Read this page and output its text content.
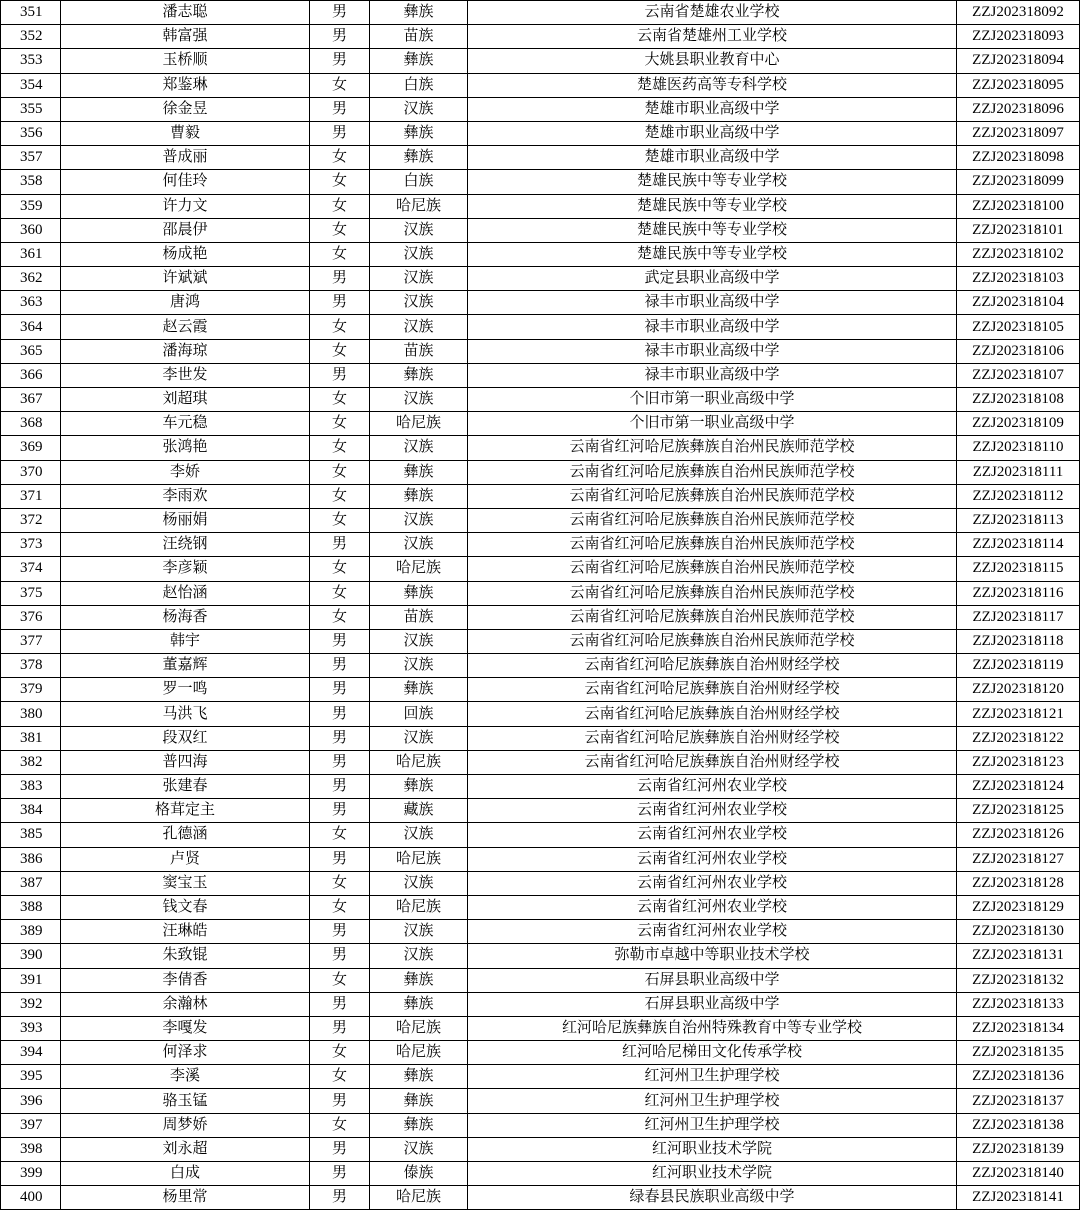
351	潘志聪	男	彝族	云南省楚雄农业学校	ZZJ202318092
352	韩富强	男	苗族	云南省楚雄州工业学校	ZZJ202318093
353	玉桥顺	男	彝族	大姚县职业教育中心	ZZJ202318094
354	郑鉴琳	女	白族	楚雄医药高等专科学校	ZZJ202318095
355	徐金昱	男	汉族	楚雄市职业高级中学	ZZJ202318096
356	曹毅	男	彝族	楚雄市职业高级中学	ZZJ202318097
357	普成丽	女	彝族	楚雄市职业高级中学	ZZJ202318098
358	何佳玲	女	白族	楚雄民族中等专业学校	ZZJ202318099
359	许力文	女	哈尼族	楚雄民族中等专业学校	ZZJ202318100
360	邵晨伊	女	汉族	楚雄民族中等专业学校	ZZJ202318101
361	杨成艳	女	汉族	楚雄民族中等专业学校	ZZJ202318102
362	许斌斌	男	汉族	武定县职业高级中学	ZZJ202318103
363	唐鸿	男	汉族	禄丰市职业高级中学	ZZJ202318104
364	赵云霞	女	汉族	禄丰市职业高级中学	ZZJ202318105
365	潘海琼	女	苗族	禄丰市职业高级中学	ZZJ202318106
366	李世发	男	彝族	禄丰市职业高级中学	ZZJ202318107
367	刘超琪	女	汉族	个旧市第一职业高级中学	ZZJ202318108
368	车元稳	女	哈尼族	个旧市第一职业高级中学	ZZJ202318109
369	张鸿艳	女	汉族	云南省红河哈尼族彝族自治州民族师范学校	ZZJ202318110
370	李娇	女	彝族	云南省红河哈尼族彝族自治州民族师范学校	ZZJ202318111
371	李雨欢	女	彝族	云南省红河哈尼族彝族自治州民族师范学校	ZZJ202318112
372	杨丽娟	女	汉族	云南省红河哈尼族彝族自治州民族师范学校	ZZJ202318113
373	汪绕钢	男	汉族	云南省红河哈尼族彝族自治州民族师范学校	ZZJ202318114
374	李彦颖	女	哈尼族	云南省红河哈尼族彝族自治州民族师范学校	ZZJ202318115
375	赵怡涵	女	彝族	云南省红河哈尼族彝族自治州民族师范学校	ZZJ202318116
376	杨海香	女	苗族	云南省红河哈尼族彝族自治州民族师范学校	ZZJ202318117
377	韩宇	男	汉族	云南省红河哈尼族彝族自治州民族师范学校	ZZJ202318118
378	董嘉辉	男	汉族	云南省红河哈尼族彝族自治州财经学校	ZZJ202318119
379	罗一鸣	男	彝族	云南省红河哈尼族彝族自治州财经学校	ZZJ202318120
380	马洪飞	男	回族	云南省红河哈尼族彝族自治州财经学校	ZZJ202318121
381	段双红	男	汉族	云南省红河哈尼族彝族自治州财经学校	ZZJ202318122
382	普四海	男	哈尼族	云南省红河哈尼族彝族自治州财经学校	ZZJ202318123
383	张建春	男	彝族	云南省红河州农业学校	ZZJ202318124
384	格茸定主	男	藏族	云南省红河州农业学校	ZZJ202318125
385	孔德涵	女	汉族	云南省红河州农业学校	ZZJ202318126
386	卢贤	男	哈尼族	云南省红河州农业学校	ZZJ202318127
387	窦宝玉	女	汉族	云南省红河州农业学校	ZZJ202318128
388	钱文春	女	哈尼族	云南省红河州农业学校	ZZJ202318129
389	汪琳皓	男	汉族	云南省红河州农业学校	ZZJ202318130
390	朱致锟	男	汉族	弥勒市卓越中等职业技术学校	ZZJ202318131
391	李倩香	女	彝族	石屏县职业高级中学	ZZJ202318132
392	余瀚林	男	彝族	石屏县职业高级中学	ZZJ202318133
393	李嘎发	男	哈尼族	红河哈尼族彝族自治州特殊教育中等专业学校	ZZJ202318134
394	何泽求	女	哈尼族	红河哈尼梯田文化传承学校	ZZJ202318135
395	李溪	女	彝族	红河州卫生护理学校	ZZJ202318136
396	骆玉锰	男	彝族	红河州卫生护理学校	ZZJ202318137
397	周梦娇	女	彝族	红河州卫生护理学校	ZZJ202318138
398	刘永超	男	汉族	红河职业技术学院	ZZJ202318139
399	白成	男	傣族	红河职业技术学院	ZZJ202318140
400	杨里常	男	哈尼族	绿春县民族职业高级中学	ZZJ202318141
